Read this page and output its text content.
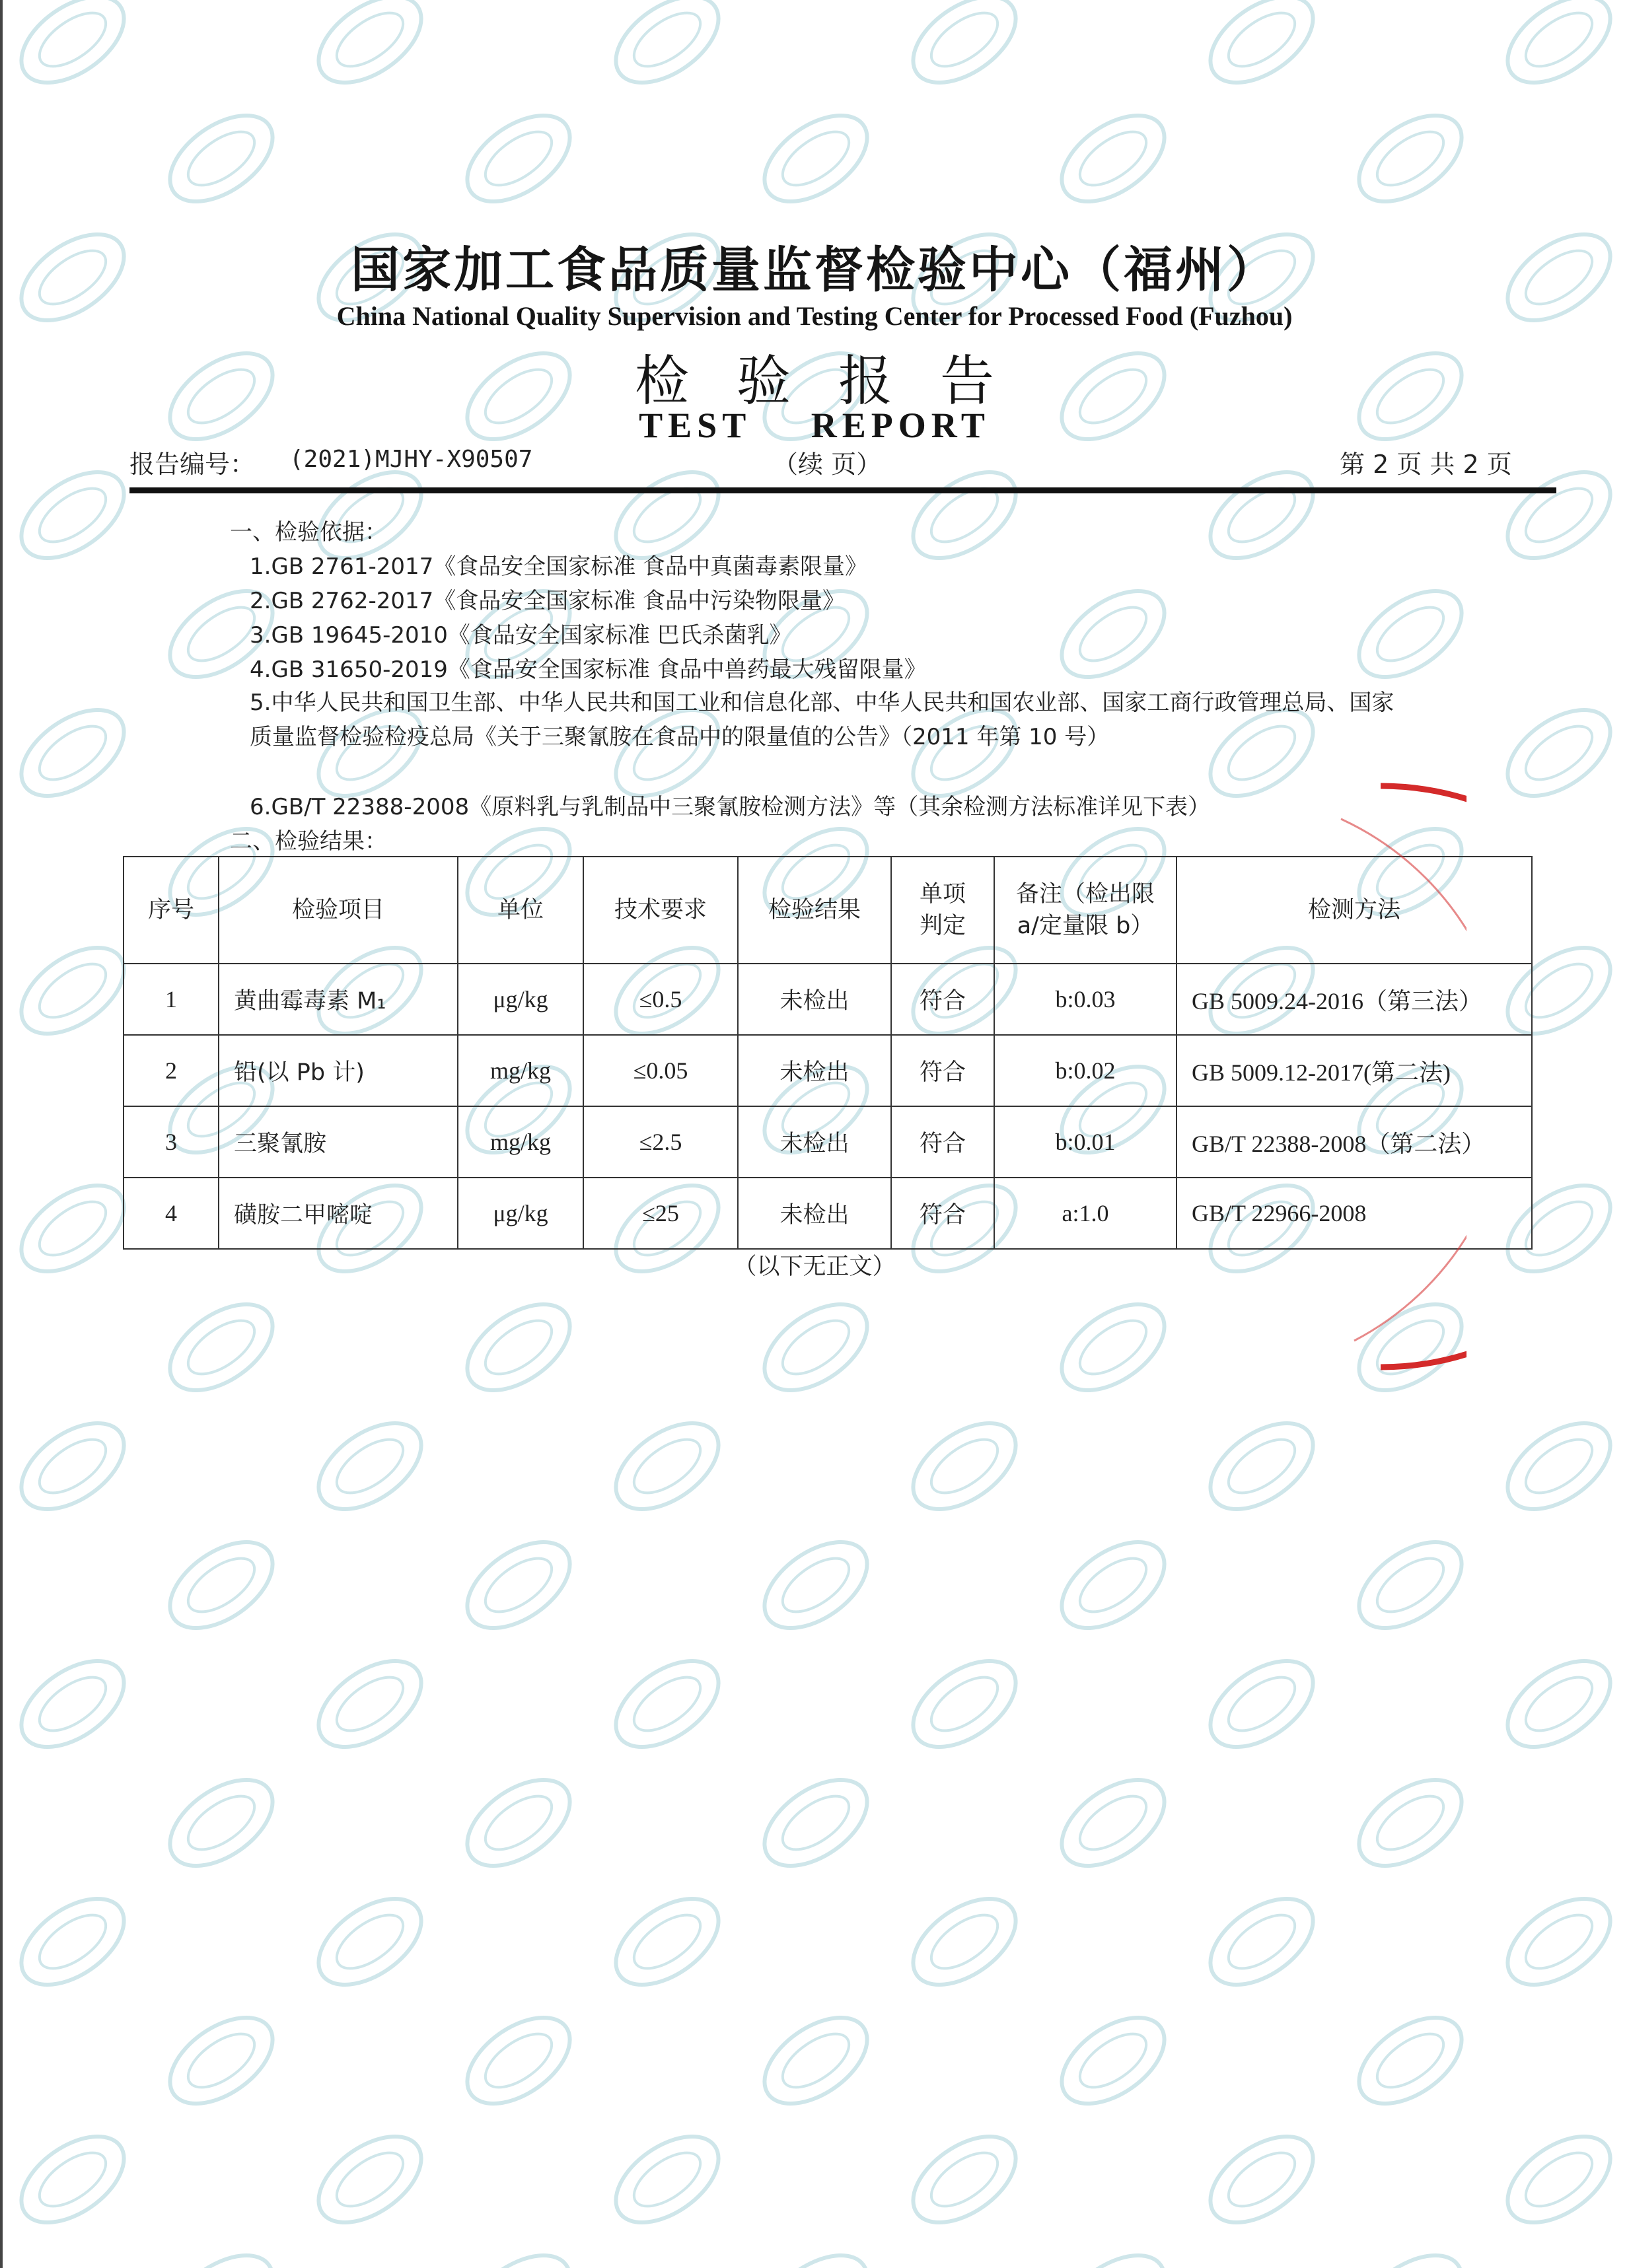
国家加工食品质量监督检验中心（福州）
China National Quality Supervision and Testing Center for Processed Food (Fuzhou)
检验报告
TEST REPORT
报告编号： (2021)MJHY-X90507	（续 页）	第 2 页 共 2 页
一、检验依据：
1.GB 2761-2017《食品安全国家标准 食品中真菌毒素限量》
2.GB 2762-2017《食品安全国家标准 食品中污染物限量》
3.GB 19645-2010《食品安全国家标准 巴氏杀菌乳》
4.GB 31650-2019《食品安全国家标准 食品中兽药最大残留限量》
5.中华人民共和国卫生部、中华人民共和国工业和信息化部、中华人民共和国农业部、国家工商行政管理总局、国家质量监督检验检疫总局《关于三聚氰胺在食品中的限量值的公告》（2011 年第 10 号）
6.GB/T 22388-2008《原料乳与乳制品中三聚氰胺检测方法》等（其余检测方法标准详见下表）
二、检验结果：
序号	检验项目	单位	技术要求	检验结果	单项判定	备注（检出限 a/定量限 b）	检测方法
1	黄曲霉毒素 M₁	μg/kg	≤0.5	未检出	符合	b:0.03	GB 5009.24-2016（第三法）
2	铅(以 Pb 计)	mg/kg	≤0.05	未检出	符合	b:0.02	GB 5009.12-2017(第二法)
3	三聚氰胺	mg/kg	≤2.5	未检出	符合	b:0.01	GB/T 22388-2008（第二法）
4	磺胺二甲嘧啶	μg/kg	≤25	未检出	符合	a:1.0	GB/T 22966-2008
（以下无正文）
